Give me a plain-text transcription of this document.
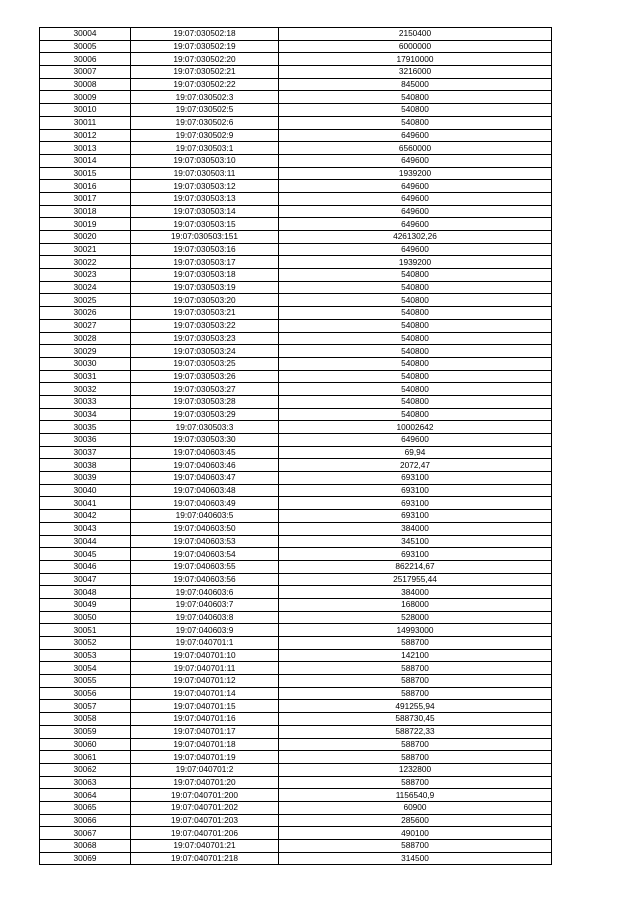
30004	19:07:030502:18	2150400
30005	19:07:030502:19	6000000
30006	19:07:030502:20	17910000
30007	19:07:030502:21	3216000
30008	19:07:030502:22	845000
30009	19:07:030502:3	540800
30010	19:07:030502:5	540800
30011	19:07:030502:6	540800
30012	19:07:030502:9	649600
30013	19:07:030503:1	6560000
30014	19:07:030503:10	649600
30015	19:07:030503:11	1939200
30016	19:07:030503:12	649600
30017	19:07:030503:13	649600
30018	19:07:030503:14	649600
30019	19:07:030503:15	649600
30020	19:07:030503:151	4261302,26
30021	19:07:030503:16	649600
30022	19:07:030503:17	1939200
30023	19:07:030503:18	540800
30024	19:07:030503:19	540800
30025	19:07:030503:20	540800
30026	19:07:030503:21	540800
30027	19:07:030503:22	540800
30028	19:07:030503:23	540800
30029	19:07:030503:24	540800
30030	19:07:030503:25	540800
30031	19:07:030503:26	540800
30032	19:07:030503:27	540800
30033	19:07:030503:28	540800
30034	19:07:030503:29	540800
30035	19:07:030503:3	10002642
30036	19:07:030503:30	649600
30037	19:07:040603:45	69,94
30038	19:07:040603:46	2072,47
30039	19:07:040603:47	693100
30040	19:07:040603:48	693100
30041	19:07:040603:49	693100
30042	19:07:040603:5	693100
30043	19:07:040603:50	384000
30044	19:07:040603:53	345100
30045	19:07:040603:54	693100
30046	19:07:040603:55	862214,67
30047	19:07:040603:56	2517955,44
30048	19:07:040603:6	384000
30049	19:07:040603:7	168000
30050	19:07:040603:8	528000
30051	19:07:040603:9	14993000
30052	19:07:040701:1	588700
30053	19:07:040701:10	142100
30054	19:07:040701:11	588700
30055	19:07:040701:12	588700
30056	19:07:040701:14	588700
30057	19:07:040701:15	491255,94
30058	19:07:040701:16	588730,45
30059	19:07:040701:17	588722,33
30060	19:07:040701:18	588700
30061	19:07:040701:19	588700
30062	19:07:040701:2	1232800
30063	19:07:040701:20	588700
30064	19:07:040701:200	1156540,9
30065	19:07:040701:202	60900
30066	19:07:040701:203	285600
30067	19:07:040701:206	490100
30068	19:07:040701:21	588700
30069	19:07:040701:218	314500
